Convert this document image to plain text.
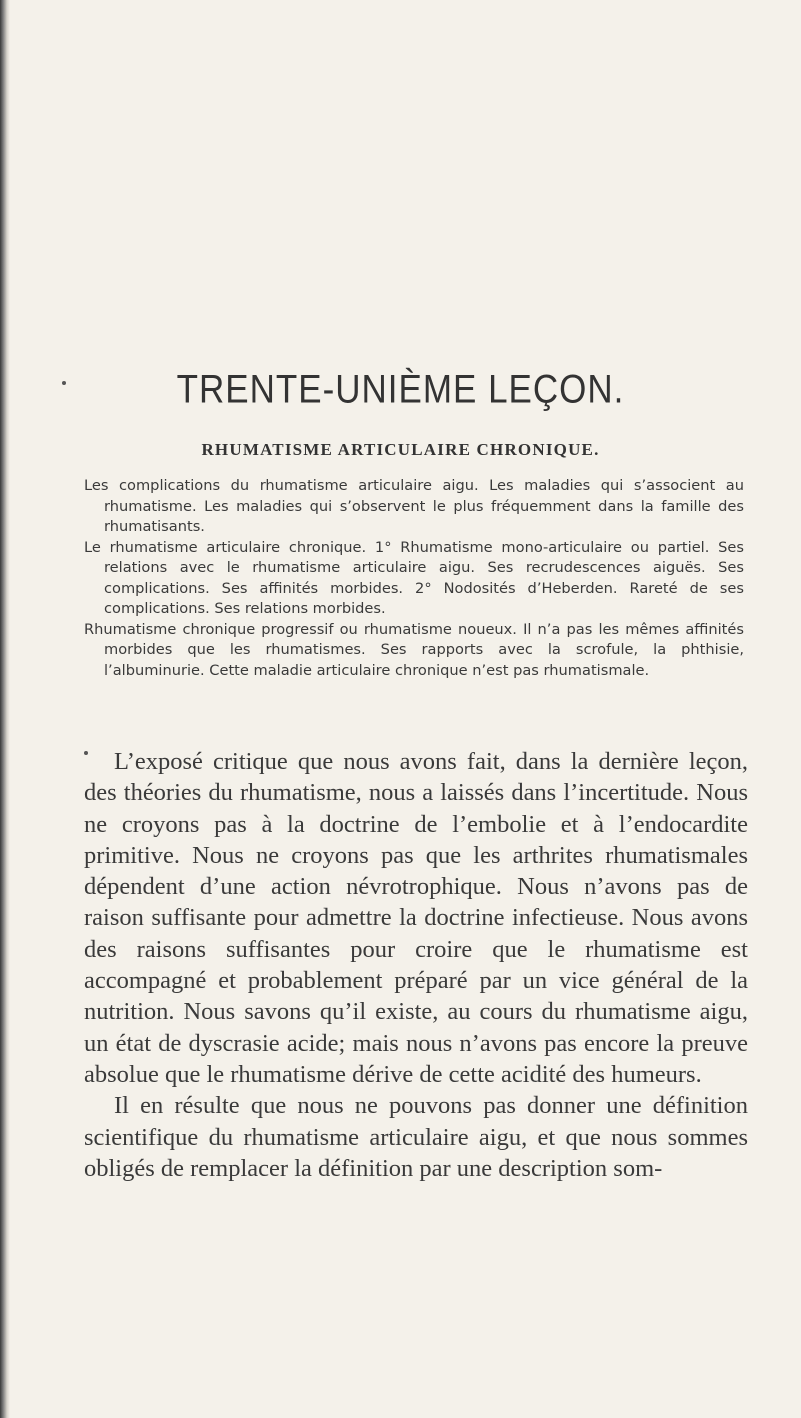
TRENTE-UNIÈME LEÇON.
RHUMATISME ARTICULAIRE CHRONIQUE.

Les complications du rhumatisme articulaire aigu. Les maladies qui s’associent au rhumatisme. Les maladies qui s’observent le plus fréquemment dans la famille des rhumatisants.

Le rhumatisme articulaire chronique. 1° Rhumatisme mono-articulaire ou partiel. Ses relations avec le rhumatisme articulaire aigu. Ses recrudescences aiguës. Ses complications. Ses affinités morbides. 2° Nodosités d’Heberden. Rareté de ses complications. Ses relations morbides.

Rhumatisme chronique progressif ou rhumatisme noueux. Il n’a pas les mêmes affinités morbides que les rhumatismes. Ses rapports avec la scrofule, la phthisie, l’albuminurie. Cette maladie articulaire chronique n’est pas rhumatismale.

L’exposé critique que nous avons fait, dans la dernière leçon, des théories du rhumatisme, nous a laissés dans l’incertitude. Nous ne croyons pas à la doctrine de l’embolie et à l’endocardite primitive. Nous ne croyons pas que les arthrites rhumatismales dépendent d’une action névrotrophique. Nous n’avons pas de raison suffisante pour admettre la doctrine infectieuse. Nous avons des raisons suffisantes pour croire que le rhumatisme est accompagné et probablement préparé par un vice général de la nutrition. Nous savons qu’il existe, au cours du rhumatisme aigu, un état de dyscrasie acide; mais nous n’avons pas encore la preuve absolue que le rhumatisme dérive de cette acidité des humeurs.

Il en résulte que nous ne pouvons pas donner une définition scientifique du rhumatisme articulaire aigu, et que nous sommes obligés de remplacer la définition par une description som-
